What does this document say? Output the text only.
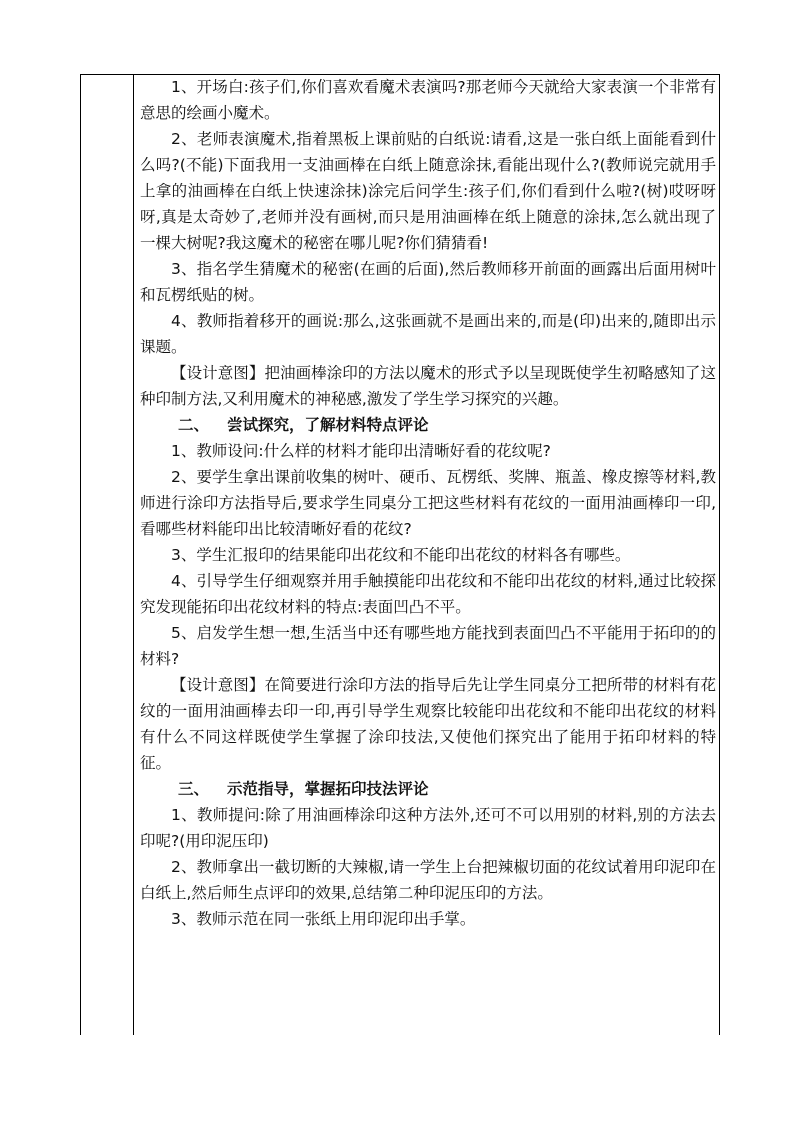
1、开场白:孩子们,你们喜欢看魔术表演吗?那老师今天就给大家表演一个非常有意思的绘画小魔术。

2、老师表演魔术,指着黑板上课前贴的白纸说:请看,这是一张白纸上面能看到什么吗?(不能)下面我用一支油画棒在白纸上随意涂抹,看能出现什么?(教师说完就用手上拿的油画棒在白纸上快速涂抹)涂完后问学生:孩子们,你们看到什么啦?(树)哎呀呀呀,真是太奇妙了,老师并没有画树,而只是用油画棒在纸上随意的涂抹,怎么就出现了一棵大树呢?我这魔术的秘密在哪儿呢?你们猜猜看!

3、指名学生猜魔术的秘密(在画的后面),然后教师移开前面的画露出后面用树叶和瓦楞纸贴的树。

4、教师指着移开的画说:那么,这张画就不是画出来的,而是(印)出来的,随即出示课题。

【设计意图】把油画棒涂印的方法以魔术的形式予以呈现既使学生初略感知了这种印制方法,又利用魔术的神秘感,激发了学生学习探究的兴趣。

二、 尝试探究，了解材料特点评论

1、教师设问:什么样的材料才能印出清晰好看的花纹呢?

2、要学生拿出课前收集的树叶、硬币、瓦楞纸、奖牌、瓶盖、橡皮擦等材料,教师进行涂印方法指导后,要求学生同桌分工把这些材料有花纹的一面用油画棒印一印,看哪些材料能印出比较清晰好看的花纹?

3、学生汇报印的结果能印出花纹和不能印出花纹的材料各有哪些。

4、引导学生仔细观察并用手触摸能印出花纹和不能印出花纹的材料,通过比较探究发现能拓印出花纹材料的特点:表面凹凸不平。

5、启发学生想一想,生活当中还有哪些地方能找到表面凹凸不平能用于拓印的的材料?

【设计意图】在简要进行涂印方法的指导后先让学生同桌分工把所带的材料有花纹的一面用油画棒去印一印,再引导学生观察比较能印出花纹和不能印出花纹的材料有什么不同这样既使学生掌握了涂印技法,又使他们探究出了能用于拓印材料的特征。

三、 示范指导，掌握拓印技法评论

1、教师提问:除了用油画棒涂印这种方法外,还可不可以用别的材料,别的方法去印呢?(用印泥压印)

2、教师拿出一截切断的大辣椒,请一学生上台把辣椒切面的花纹试着用印泥印在白纸上,然后师生点评印的效果,总结第二种印泥压印的方法。

3、教师示范在同一张纸上用印泥印出手掌。
